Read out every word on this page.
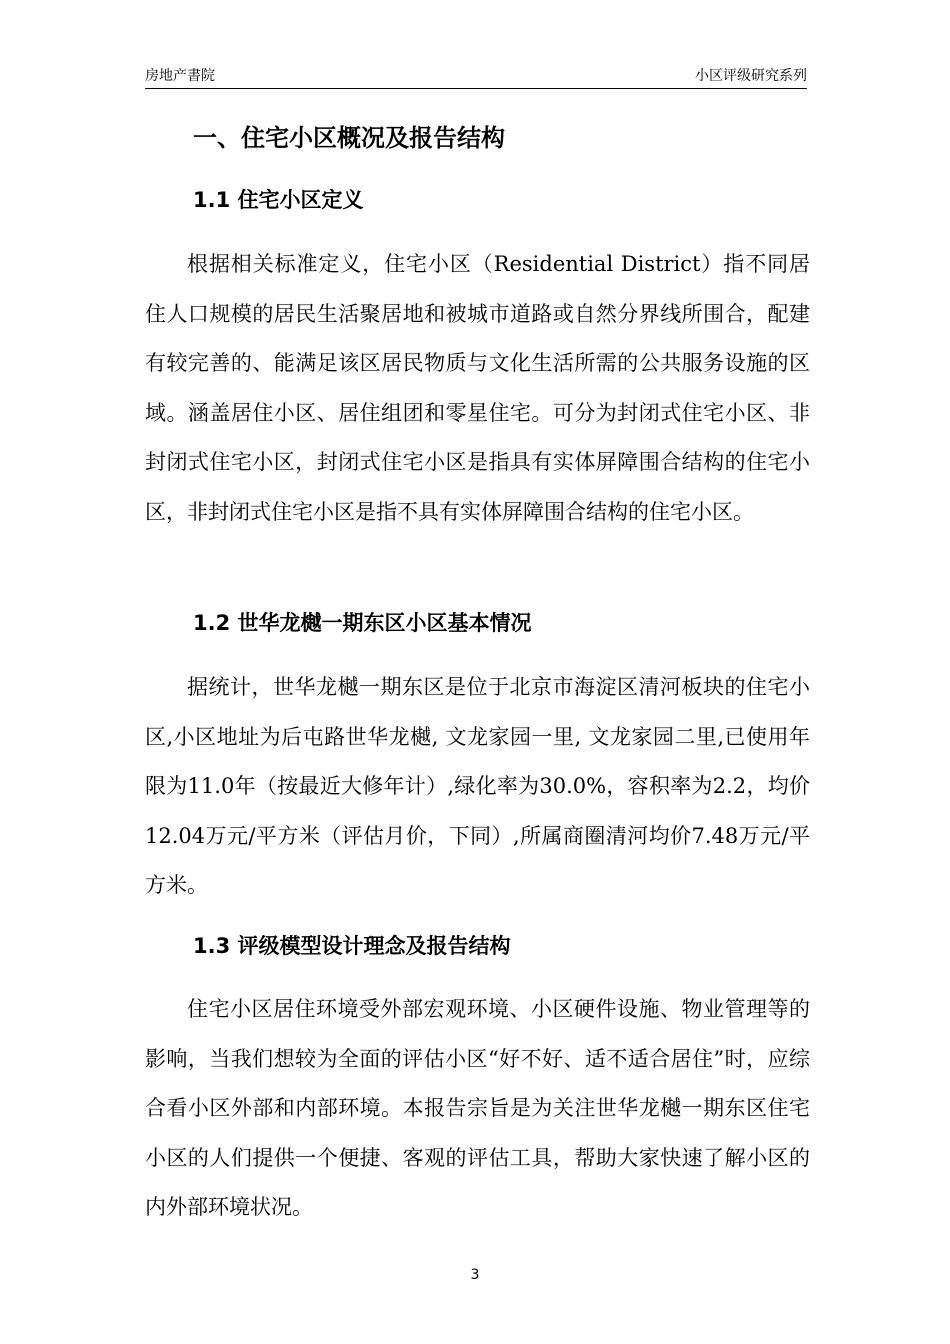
房地产書院	小区评级研究系列
一、住宅小区概况及报告结构
1.1 住宅小区定义

根据相关标准定义，住宅小区（Residential District）指不同居住人口规模的居民生活聚居地和被城市道路或自然分界线所围合，配建有较完善的、能满足该区居民物质与文化生活所需的公共服务设施的区域。涵盖居住小区、居住组团和零星住宅。可分为封闭式住宅小区、非封闭式住宅小区，封闭式住宅小区是指具有实体屏障围合结构的住宅小区，非封闭式住宅小区是指不具有实体屏障围合结构的住宅小区。

1.2 世华龙樾一期东区小区基本情况

据统计，世华龙樾一期东区是位于北京市海淀区清河板块的住宅小区,小区地址为后屯路世华龙樾, 文龙家园一里, 文龙家园二里,已使用年限为11.0年（按最近大修年计）,绿化率为30.0%，容积率为2.2，均价12.04万元/平方米（评估月价，下同）,所属商圈清河均价7.48万元/平方米。

1.3 评级模型设计理念及报告结构

住宅小区居住环境受外部宏观环境、小区硬件设施、物业管理等的影响，当我们想较为全面的评估小区“好不好、适不适合居住”时，应综合看小区外部和内部环境。本报告宗旨是为关注世华龙樾一期东区住宅小区的人们提供一个便捷、客观的评估工具，帮助大家快速了解小区的内外部环境状况。

3
